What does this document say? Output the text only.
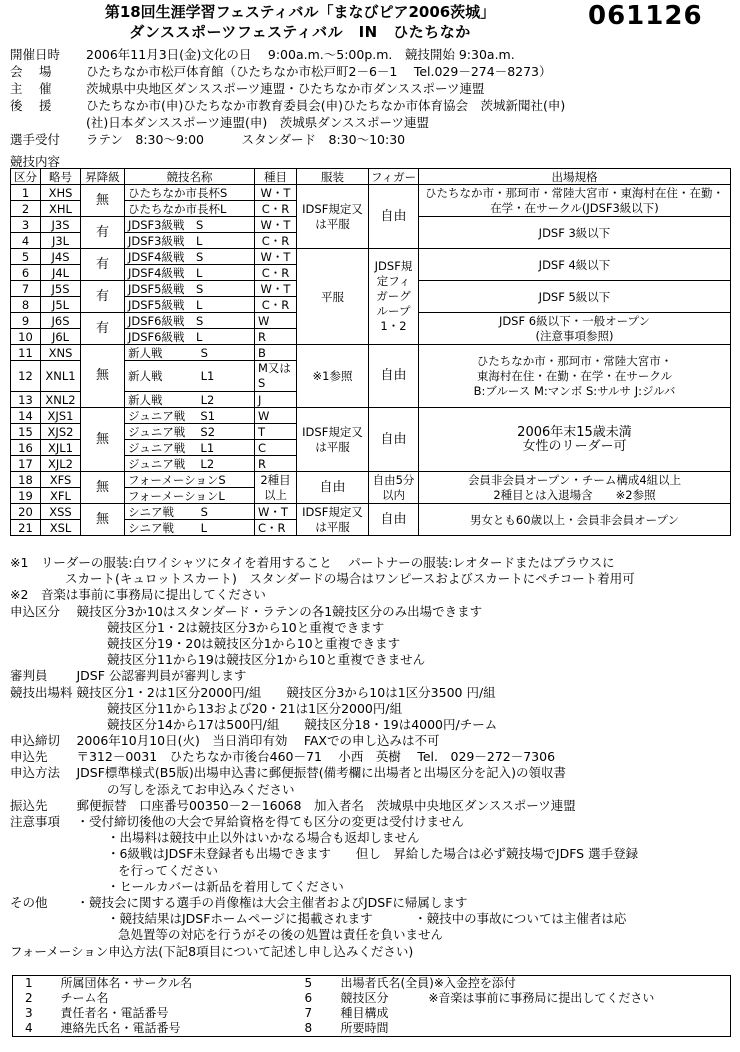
第18回生涯学習フェスティバル「まなびピア2006茨城」
ダンススポーツフェスティバル　IN　ひたちなか
061126
開催日時	2006年11月3日(金)文化の日　 9:00a.m.～5:00p.m.　競技開始 9:30a.m.
会　 場	ひたちなか市松戸体育館（ひたちなか市松戸町2－6－1　 Tel.029－274－8273）
主　 催	茨城県中央地区ダンススポーツ連盟・ひたちなか市ダンススポーツ連盟
後　 援	ひたちなか市(申)ひたちなか市教育委員会(申)ひたちなか市体育協会　茨城新聞社(申)
(社)日本ダンススポーツ連盟(申)　茨城県ダンススポーツ連盟
選手受付	ラテン　8:30～9:00　　　スタンダード　8:30～10:30
競技内容
区分	略号	昇降級	競技名称	種目	服装	フィガー	出場規格
1	XHS	無	ひたちなか市長杯S	W・T	IDSF規定又は平服	自由	ひたちなか市・那珂市・常陸大宮市・東海村在住・在勤・在学・在サークル(JDSF3級以下)
2	XHL		ひたちなか市長杯L	C・R			
3	J3S	有	JDSF3級戦　S	W・T			JDSF 3級以下
4	J3L		JDSF3級戦　L	C・R			
5	J4S	有	JDSF4級戦　S	W・T	平服	JDSF規定フィガーグループ1・2	JDSF 4級以下
6	J4L		JDSF4級戦　L	C・R			
7	J5S	有	JDSF5級戦　S	W・T			JDSF 5級以下
8	J5L		JDSF5級戦　L	C・R			
9	J6S	有	JDSF6級戦　S	W			JDSF 6級以下・一般オープン
(注意事項参照)

10	J6L		JDSF6級戦　L	R			
11	XNS	無	新人戦　　　 S	B	※1参照	自由	ひたちなか市・那珂市・常陸大宮市・
東海村在住・在勤・在学・在サークル
B:ブルース M:マンボ S:サルサ J:ジルバ

12	XNL1		新人戦　　　 L1	M又はS			
13	XNL2		新人戦　　　 L2	J			
14	XJS1	無	ジュニア戦　 S1	W	IDSF規定又は平服	自由	2006年末15歳未満
女性のリーダー可

15	XJS2		ジュニア戦　 S2	T			
16	XJL1		ジュニア戦　 L1	C			
17	XJL2		ジュニア戦　 L2	R			
18	XFS	無	フォーメーションS	2種目以上	自由	自由5分以内	会員非会員オープン・チーム構成4組以上
2種目とは入退場含　　※2参照

19	XFL		フォーメーションL				
20	XSS	無	シニア戦　　 S	W・T	IDSF規定又は平服	自由	男女とも60歳以上・会員非会員オープン
21	XSL		シニア戦　　 L	C・R			
※1　リーダーの服装:白ワイシャツにタイを着用すること　 パートナーの服装:レオタードまたはブラウスに
スカート(キュロットスカート)　スタンダードの場合はワンピースおよびスカートにペチコート着用可
※2　音楽は事前に事務局に提出してください
申込区分　 競技区分3か10はスタンダード・ラテンの各1競技区分のみ出場できます
競技区分1・2は競技区分3から10と重複できます
競技区分19・20は競技区分1から10と重複できます
競技区分11から19は競技区分1から10と重複できません
審判員　　 JDSF 公認審判員が審判します
競技出場料 競技区分1・2は1区分2000円/組　　競技区分3から10は1区分3500 円/組
競技区分11から13および20・21は1区分2000円/組
競技区分14から17は500円/組　　競技区分18・19は4000円/チーム
申込締切　 2006年10月10日(火)　当日消印有効　 FAXでの申し込みは不可
申込先　　 〒312－0031　ひたちなか市後台460－71　 小西　英樹　 Tel.　029－272－7306
申込方法　 JDSF標準様式(B5版)出場申込書に郵便振替(備考欄に出場者と出場区分を記入)の領収書
の写しを添えてお申込みください
振込先　　 郵便振替　口座番号00350－2－16068　加入者名　茨城県中央地区ダンススポーツ連盟
注意事項　 ・受付締切後他の大会で昇給資格を得ても区分の変更は受付けません
・出場料は競技中止以外はいかなる場合も返却しません
・6級戦はJDSF未登録者も出場できます　　但し　昇給した場合は必ず競技場でJDFS 選手登録
を行ってください
・ヒールカバーは新品を着用してください
その他　　 ・競技会に関する選手の肖像権は大会主催者およびJDSFに帰属します
・競技結果はJDSFホームページに掲載されます　　　 ・競技中の事故については主催者は応
急処置等の対応を行うがその後の処置は責任を負いません
フォーメーション申込方法(下記8項目について記述し申し込みください)
1	所属団体名・サークル名	5	出場者氏名(全員)※入金控を添付
2	チーム名	6	競技区分　　　 ※音楽は事前に事務局に提出してください
3	責任者名・電話番号	7	種目構成
4	連絡先氏名・電話番号	8	所要時間
